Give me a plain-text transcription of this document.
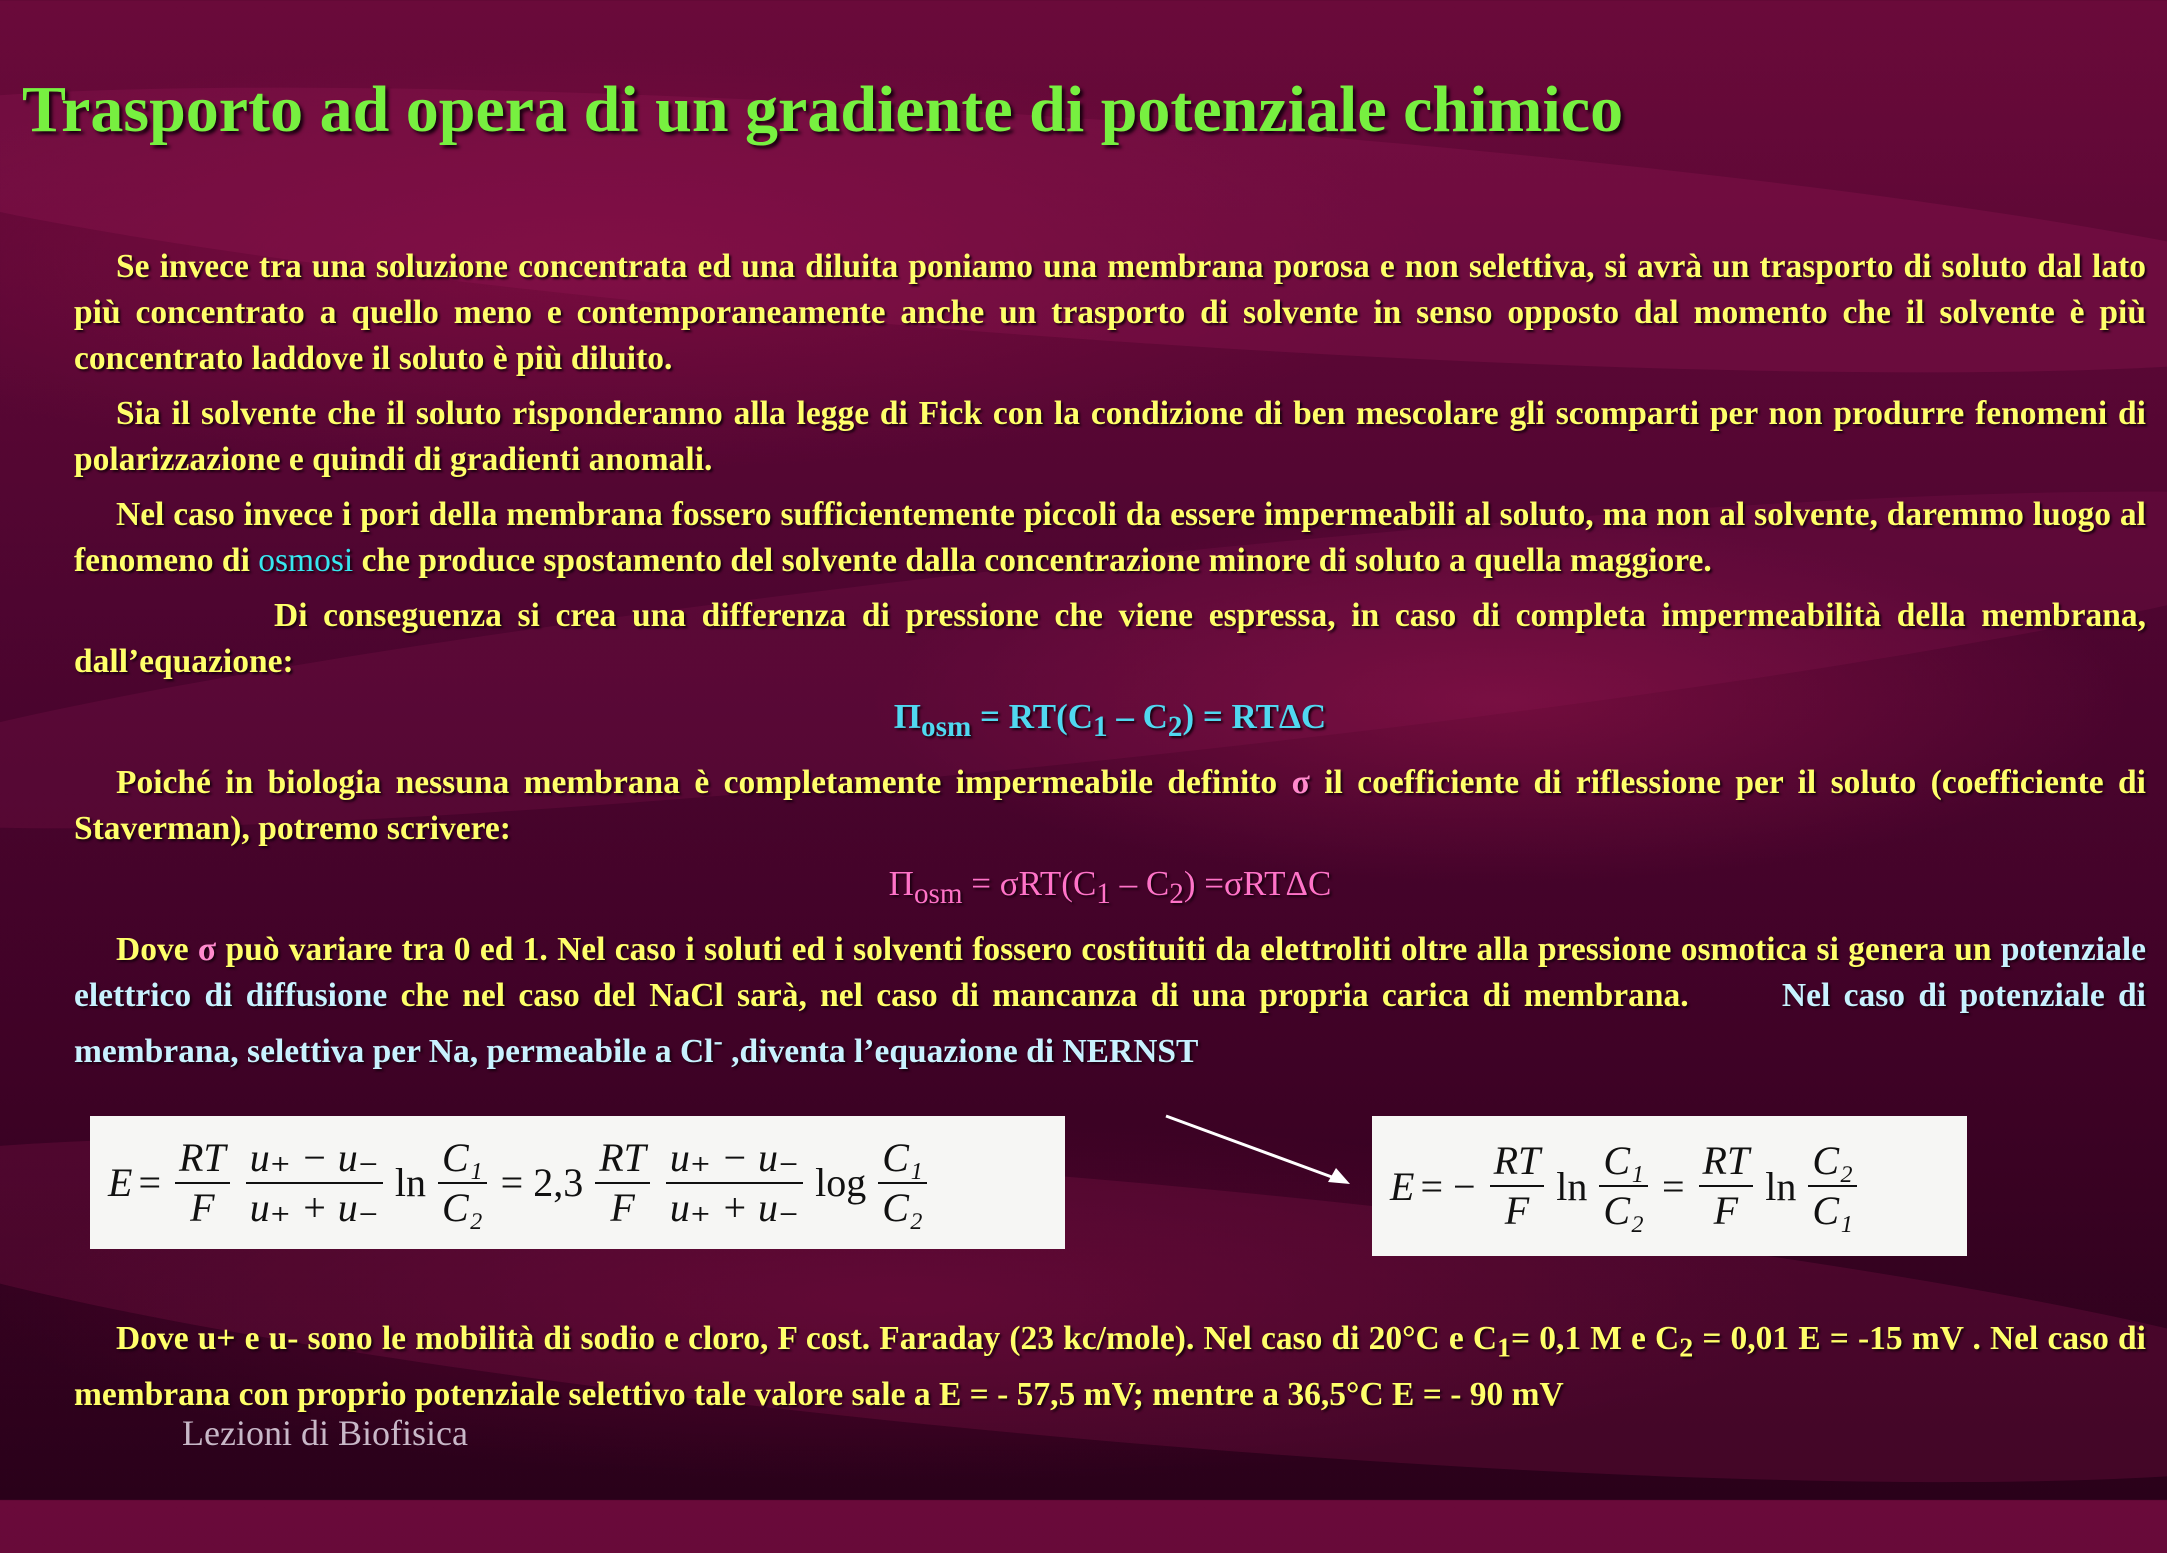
Trasporto ad opera di un gradiente di potenziale chimico

Se invece tra una soluzione concentrata ed una diluita poniamo una membrana porosa e non selettiva, si avrà un trasporto di soluto dal lato più concentrato a quello meno e contemporaneamente anche un trasporto di solvente in senso opposto dal momento che il solvente è più concentrato laddove il soluto è più diluito.

Sia il solvente che il soluto risponderanno alla legge di Fick con la condizione di ben mescolare gli scomparti per non produrre fenomeni di polarizzazione e quindi di gradienti anomali.

Nel caso invece i pori della membrana fossero sufficientemente piccoli da essere impermeabili al soluto, ma non al solvente, daremmo luogo al fenomeno di osmosi che produce spostamento del solvente dalla concentrazione minore di soluto a quella maggiore.

Di conseguenza si crea una differenza di pressione che viene espressa, in caso di completa impermeabilità della membrana, dall’equazione:

$\Pi_{osm} = RT(C_1 - C_2) = RT\Delta C$

Poiché in biologia nessuna membrana è completamente impermeabile definito σ il coefficiente di riflessione per il soluto (coefficiente di Staverman), potremo scrivere:

$\Pi_{osm} = \sigma RT(C_1 - C_2) =\sigma RT\Delta C$

Dove σ può variare tra 0 ed 1. Nel caso i soluti ed i solventi fossero costituiti da elettroliti oltre alla pressione osmotica si genera un potenziale elettrico di diffusione che nel caso del NaCl sarà, nel caso di mancanza di una propria carica di membrana.	Nel caso di potenziale di membrana, selettiva per Na, permeabile a Cl- ,diventa l’equazione di NERNST

$E = \frac{RT}{F} \frac{u_+ - u_-}{u_+ + u_-}$ $\ln \frac{\text{C₁}}{\text{C₂}} = 2,3 \frac{RT}{F} \frac{u_+ - u_-}{u_+ + u_-}$ $\log \frac{\text{C₁}}{\text{C₂}}$	E = − $\frac{RT}{F}$ $\ln \frac{\text{C₁}}{\text{C₂}} = \frac{RT}{F}$ $\ln \frac{\text{C₂}}{\text{C₁}}$

Dove u+ e u- sono le mobilità di sodio e cloro, F cost. Faraday (23 kc/mole). Nel caso di 20°C e $C_1= 0,1$ M e $C_2 = 0,01$ E = -15 mV . Nel caso di membrana con proprio potenziale selettivo tale valore sale a E = - 57,5 mV; mentre a 36,5°C E = - 90 mV

Lezioni di Biofisica
